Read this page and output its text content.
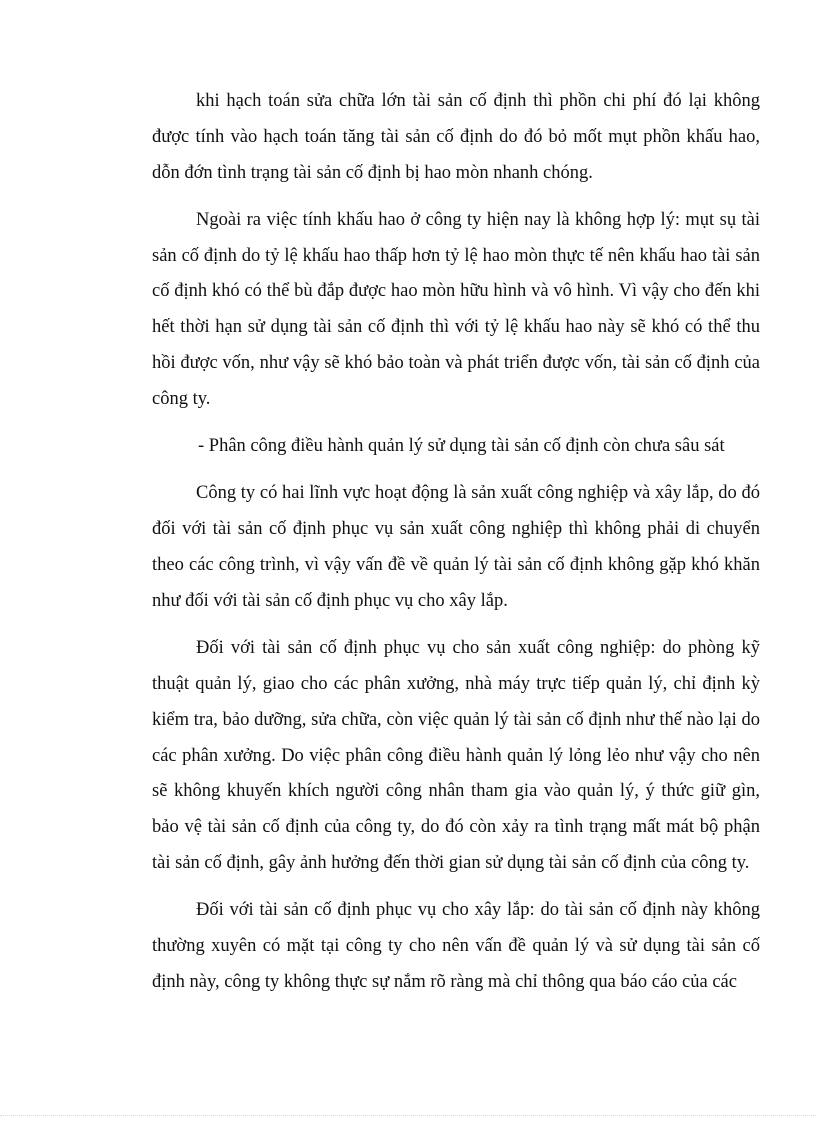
khi hạch toán sửa chữa lớn tài sản cố định thì phồn chi phí đó lại không được tính vào hạch toán tăng tài sản cố định do đó bỏ mốt mụt phồn khấu hao, dỗn đớn tình trạng tài sản cố định bị hao mòn nhanh chóng.

Ngoài ra việc tính khấu hao ở công ty hiện nay là không hợp lý: mụt sụ tài sản cố định do tỷ lệ khấu hao thấp hơn tỷ lệ hao mòn thực tế nên khấu hao tài sản cố định khó có thể bù đắp được hao mòn hữu hình và vô hình. Vì vậy cho đến khi hết thời hạn sử dụng tài sản cố định thì với tỷ lệ khấu hao này sẽ khó có thể thu hồi được vốn, như vậy sẽ khó bảo toàn và phát triển được vốn, tài sản cố định của công ty.

- Phân công điều hành quản lý sử dụng tài sản cố định còn chưa sâu sát

Công ty có hai lĩnh vực hoạt động là sản xuất công nghiệp và xây lắp, do đó đối với tài sản cố định phục vụ sản xuất công nghiệp thì không phải di chuyển theo các công trình, vì vậy vấn đề về quản lý tài sản cố định không gặp khó khăn như đối với tài sản cố định phục vụ cho xây lắp.

Đối với tài sản cố định phục vụ cho sản xuất công nghiệp: do phòng kỹ thuật quản lý, giao cho các phân xưởng, nhà máy trực tiếp quản lý, chỉ định kỳ kiểm tra, bảo dưỡng, sửa chữa, còn việc quản lý tài sản cố định như thế nào lại do các phân xưởng. Do việc phân công điều hành quản lý lỏng lẻo như vậy cho nên sẽ không khuyến khích người công nhân tham gia vào quản lý, ý thức giữ gìn, bảo vệ tài sản cố định của công ty, do đó còn xảy ra tình trạng mất mát bộ phận tài sản cố định, gây ảnh hưởng đến thời gian sử dụng tài sản cố định của công ty.

Đối với tài sản cố định phục vụ cho xây lắp: do tài sản cố định này không thường xuyên có mặt tại công ty cho nên vấn đề quản lý và sử dụng tài sản cố định này, công ty không thực sự nắm rõ ràng mà chỉ thông qua báo cáo của các
